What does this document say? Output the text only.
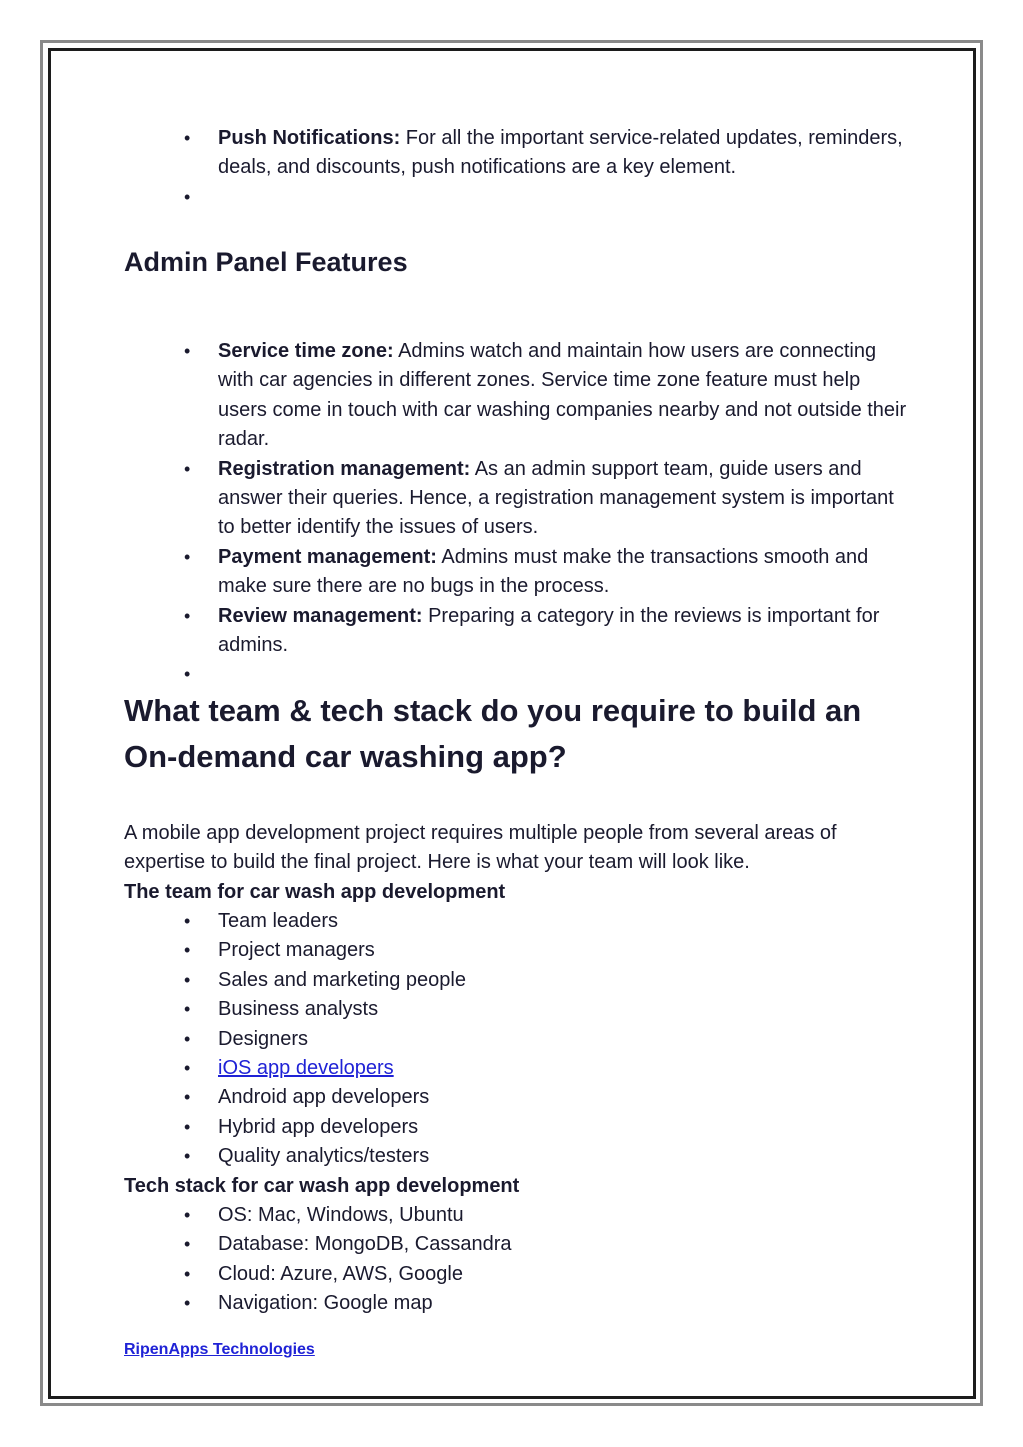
• Push Notifications: For all the important service-related updates, reminders, deals, and discounts, push notifications are a key element.
•
Admin Panel Features
• Service time zone: Admins watch and maintain how users are connecting with car agencies in different zones. Service time zone feature must help users come in touch with car washing companies nearby and not outside their radar.
• Registration management: As an admin support team, guide users and answer their queries. Hence, a registration management system is important to better identify the issues of users.
• Payment management: Admins must make the transactions smooth and make sure there are no bugs in the process.
• Review management: Preparing a category in the reviews is important for admins.
•
What team & tech stack do you require to build an On-demand car washing app?
A mobile app development project requires multiple people from several areas of expertise to build the final project. Here is what your team will look like.
The team for car wash app development
• Team leaders
• Project managers
• Sales and marketing people
• Business analysts
• Designers
• iOS app developers
• Android app developers
• Hybrid app developers
• Quality analytics/testers
Tech stack for car wash app development
• OS: Mac, Windows, Ubuntu
• Database: MongoDB, Cassandra
• Cloud: Azure, AWS, Google
• Navigation: Google map
RipenApps Technologies
